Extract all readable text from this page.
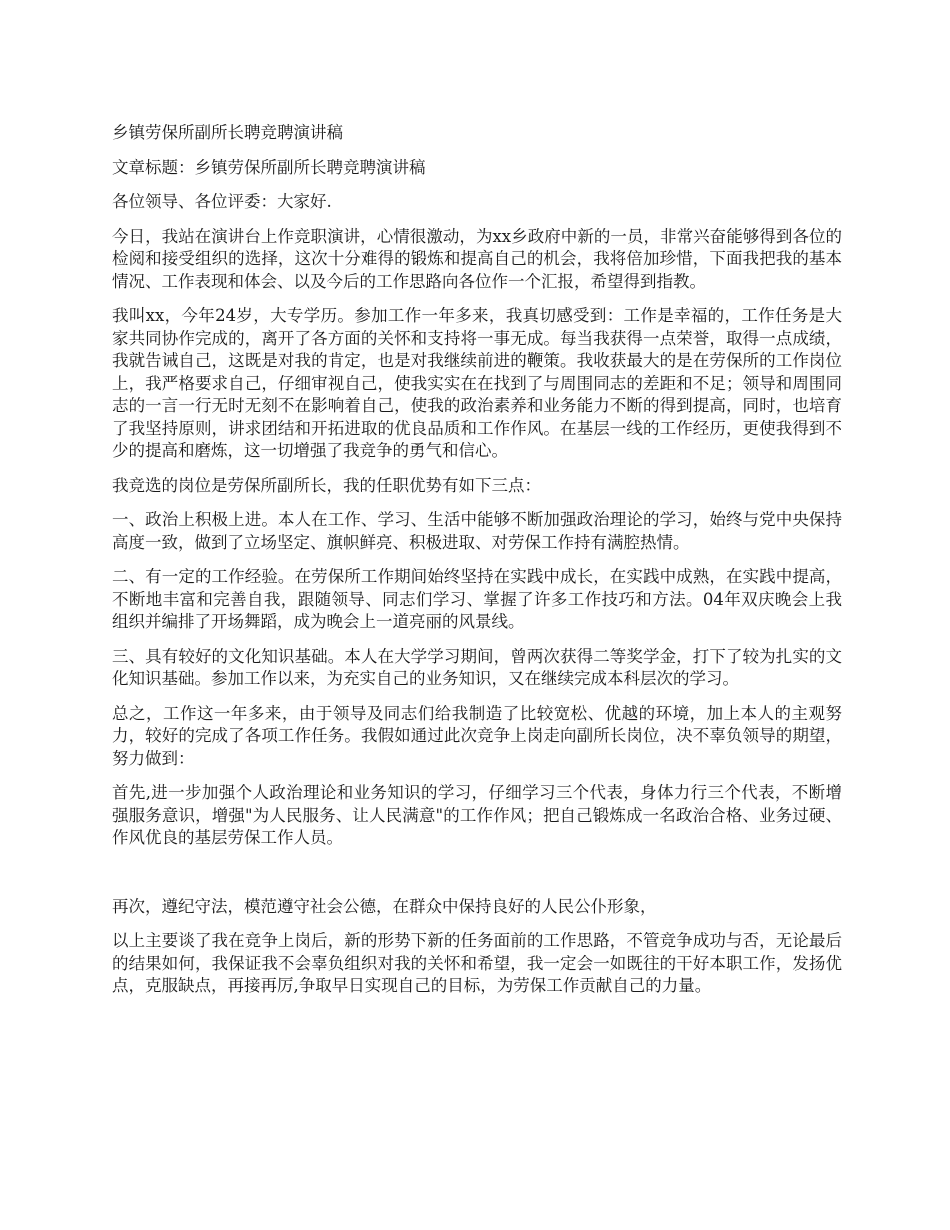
乡镇劳保所副所长聘竞聘演讲稿

文章标题：乡镇劳保所副所长聘竞聘演讲稿

各位领导、各位评委：大家好.

今日，我站在演讲台上作竞职演讲，心情很激动，为xx乡政府中新的一员，非常兴奋能够得到各位的检阅和接受组织的选择，这次十分难得的锻炼和提高自己的机会，我将倍加珍惜，下面我把我的基本情况、工作表现和体会、以及今后的工作思路向各位作一个汇报，希望得到指教。

我叫xx，今年24岁，大专学历。参加工作一年多来，我真切感受到：工作是幸福的，工作任务是大家共同协作完成的，离开了各方面的关怀和支持将一事无成。每当我获得一点荣誉，取得一点成绩，我就告诫自己，这既是对我的肯定，也是对我继续前进的鞭策。我收获最大的是在劳保所的工作岗位上，我严格要求自己，仔细审视自己，使我实实在在找到了与周围同志的差距和不足；领导和周围同志的一言一行无时无刻不在影响着自己，使我的政治素养和业务能力不断的得到提高，同时，也培育了我坚持原则，讲求团结和开拓进取的优良品质和工作作风。在基层一线的工作经历，更使我得到不少的提高和磨炼，这一切增强了我竞争的勇气和信心。

我竞选的岗位是劳保所副所长，我的任职优势有如下三点：

一、政治上积极上进。本人在工作、学习、生活中能够不断加强政治理论的学习，始终与党中央保持高度一致，做到了立场坚定、旗帜鲜亮、积极进取、对劳保工作持有满腔热情。

二、有一定的工作经验。在劳保所工作期间始终坚持在实践中成长，在实践中成熟，在实践中提高，不断地丰富和完善自我，跟随领导、同志们学习、掌握了许多工作技巧和方法。04年双庆晚会上我组织并编排了开场舞蹈，成为晚会上一道亮丽的风景线。

三、具有较好的文化知识基础。本人在大学学习期间，曾两次获得二等奖学金，打下了较为扎实的文化知识基础。参加工作以来，为充实自己的业务知识，又在继续完成本科层次的学习。

总之，工作这一年多来，由于领导及同志们给我制造了比较宽松、优越的环境，加上本人的主观努力，较好的完成了各项工作任务。我假如通过此次竞争上岗走向副所长岗位，决不辜负领导的期望，努力做到：

首先,进一步加强个人政治理论和业务知识的学习，仔细学习三个代表，身体力行三个代表，不断增强服务意识，增强"为人民服务、让人民满意"的工作作风；把自己锻炼成一名政治合格、业务过硬、作风优良的基层劳保工作人员。

再次，遵纪守法，模范遵守社会公德，在群众中保持良好的人民公仆形象，

以上主要谈了我在竞争上岗后，新的形势下新的任务面前的工作思路，不管竞争成功与否，无论最后的结果如何，我保证我不会辜负组织对我的关怀和希望，我一定会一如既往的干好本职工作，发扬优点，克服缺点，再接再厉,争取早日实现自己的目标，为劳保工作贡献自己的力量。
